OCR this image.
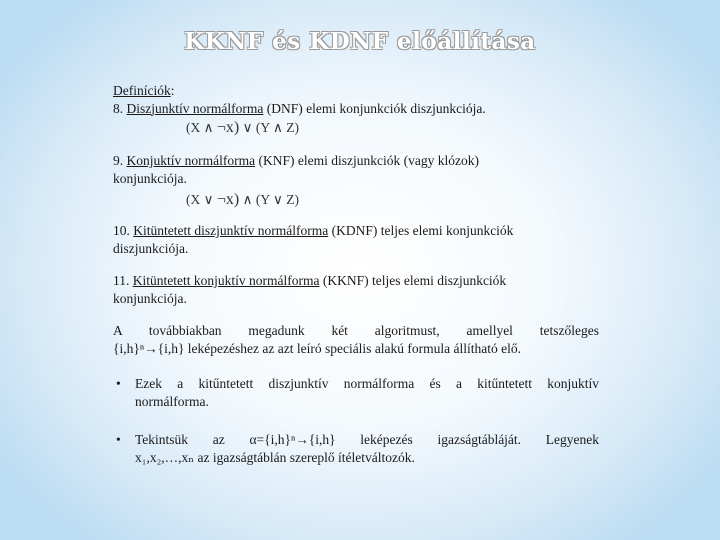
KKNF és KDNF előállítása

Definíciók:

8. Diszjunktív normálforma (DNF) elemi konjunkciók diszjunkciója.

(X ∧ ¬x) ∨ (Y ∧ Z)

9. Konjuktív normálforma (KNF) elemi diszjunkciók (vagy klózok)
konjunkciója.

(X ∨ ¬x) ∧ (Y ∨ Z)

10. Kitüntetett diszjunktív normálforma (KDNF) teljes elemi konjunkciók
diszjunkciója.

11. Kitüntetett konjuktív normálforma (KKNF) teljes elemi diszjunkciók
konjunkciója.

A továbbiakban megadunk két algoritmust, amellyel tetszőleges
{i,h}ⁿ→{i,h} leképezéshez az azt leíró speciális alakú formula állítható elő.
• Ezek a kitűntetett diszjunktív normálforma és a kitűntetett konjuktív
normálforma.
• Tekintsük az α={i,h}ⁿ→{i,h} leképezés igazságtábláját. Legyenek
x₁,x₂,…,xₙ az igazságtáblán szereplő ítéletváltozók.
